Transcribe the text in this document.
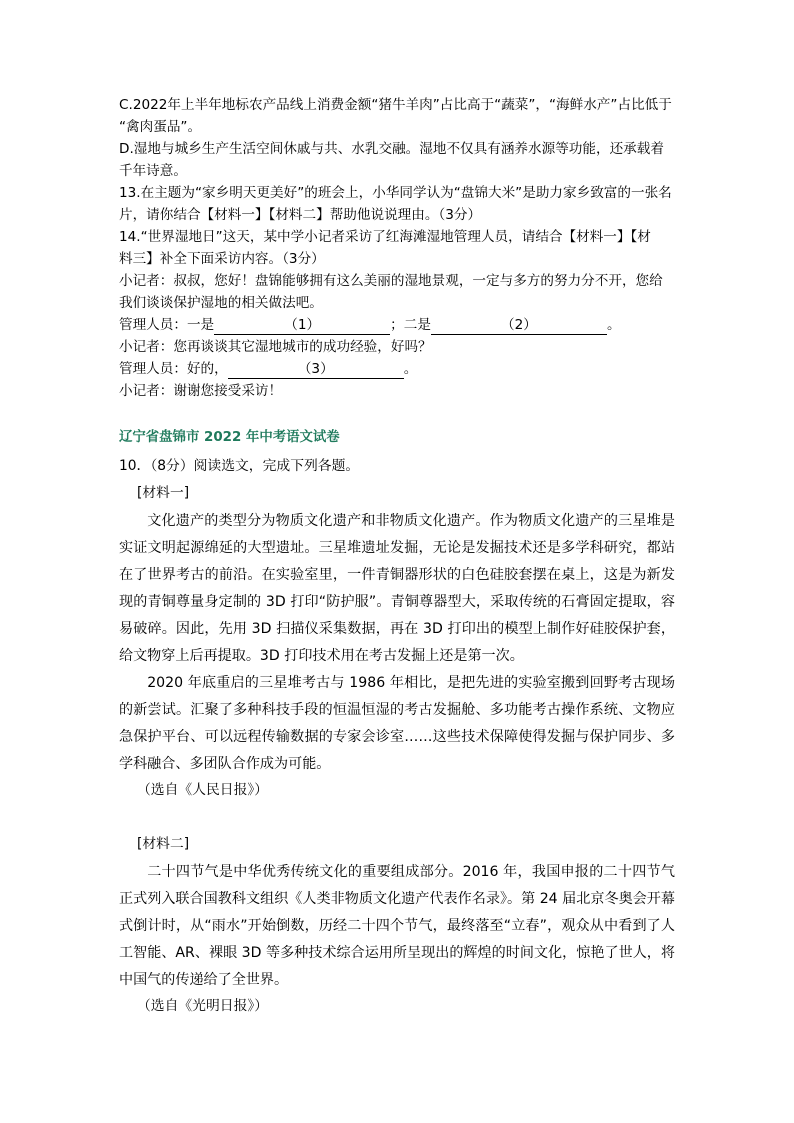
C.2022年上半年地标农产品线上消费金额“猪牛羊肉”占比高于“蔬菜”，“海鲜水产”占比低于
“禽肉蛋品”。
D.湿地与城乡生产生活空间休戚与共、水乳交融。湿地不仅具有涵养水源等功能，还承载着
千年诗意。
13.在主题为“家乡明天更美好”的班会上，小华同学认为“盘锦大米”是助力家乡致富的一张名
片，请你结合【材料一】【材料二】帮助他说说理由。（3分）
14.“世界湿地日”这天，某中学小记者采访了红海滩湿地管理人员，请结合【材料一】【材
料三】补全下面采访内容。（3分）
小记者：叔叔，您好！盘锦能够拥有这么美丽的湿地景观，一定与多方的努力分不开，您给
我们谈谈保护湿地的相关做法吧。
管理人员：一是	（1）	；二是	（2）	。
小记者：您再谈谈其它湿地城市的成功经验，好吗？
管理人员：好的，	（3）	。
小记者：谢谢您接受采访！
辽宁省盘锦市 2022 年中考语文试卷
10．（8分）阅读选文，完成下列各题。
[材料一]
文化遗产的类型分为物质文化遗产和非物质文化遗产。作为物质文化遗产的三星堆是实证文明起源绵延的大型遗址。三星堆遗址发掘，无论是发掘技术还是多学科研究，都站在了世界考古的前沿。在实验室里，一件青铜器形状的白色硅胶套摆在桌上，这是为新发现的青铜尊量身定制的 3D 打印“防护服”。青铜尊器型大，采取传统的石膏固定提取，容易破碎。因此，先用 3D 扫描仪采集数据，再在 3D 打印出的模型上制作好硅胶保护套，给文物穿上后再提取。3D 打印技术用在考古发掘上还是第一次。
2020 年底重启的三星堆考古与 1986 年相比，是把先进的实验室搬到回野考古现场的新尝试。汇聚了多种科技手段的恒温恒湿的考古发掘舱、多功能考古操作系统、文物应急保护平台、可以远程传输数据的专家会诊室……这些技术保障使得发掘与保护同步、多学科融合、多团队合作成为可能。
（选自《人民日报》）
[材料二]
二十四节气是中华优秀传统文化的重要组成部分。2016 年，我国申报的二十四节气正式列入联合国教科文组织《人类非物质文化遗产代表作名录》。第 24 届北京冬奥会开幕式倒计时，从“雨水”开始倒数，历经二十四个节气，最终落至“立春”，观众从中看到了人工智能、AR、裸眼 3D 等多种技术综合运用所呈现出的辉煌的时间文化，惊艳了世人，将中国气的传递给了全世界。
（选自《光明日报》）
